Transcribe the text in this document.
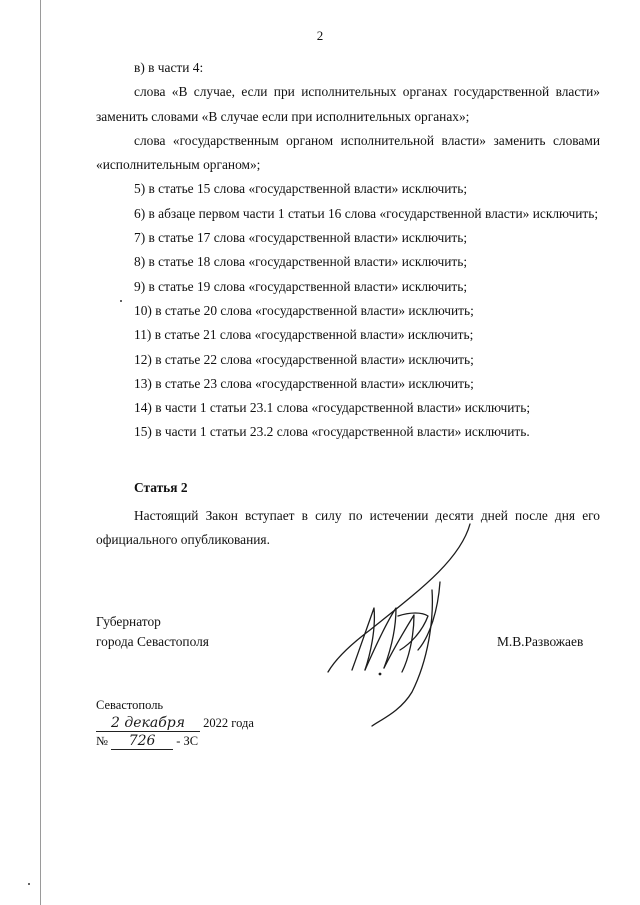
2

в) в части 4:

слова «В случае, если при исполнительных органах государственной власти» заменить словами «В случае если при исполнительных органах»;

слова «государственным органом исполнительной власти» заменить словами «исполнительным органом»;

5) в статье 15 слова «государственной власти» исключить;

6) в абзаце первом части 1 статьи 16 слова «государственной власти» исключить;

7) в статье 17 слова «государственной власти» исключить;

8) в статье 18 слова «государственной власти» исключить;

9) в статье 19 слова «государственной власти» исключить;

10) в статье 20 слова «государственной власти» исключить;

11) в статье 21 слова «государственной власти» исключить;

12) в статье 22 слова «государственной власти» исключить;

13) в статье 23 слова «государственной власти» исключить;

14) в части 1 статьи 23.1 слова «государственной власти» исключить;

15) в части 1 статьи 23.2 слова «государственной власти» исключить.

Статья 2

Настоящий Закон вступает в силу по истечении десяти дней после дня его официального опубликования.

Губернатор
города Севастополя	М.В.Развожаев
Севастополь
2 декабря 2022 года
№ 726 - ЗС
